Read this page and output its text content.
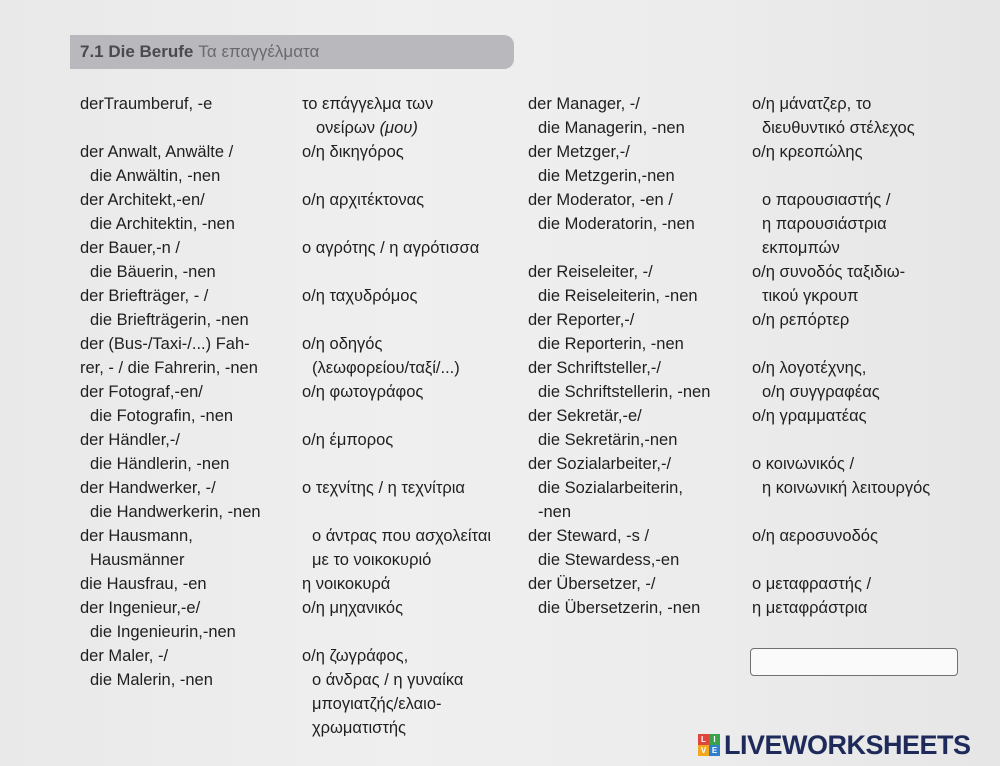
7.1 Die Berufe Τα επαγγέλματα
derTraumberuf, -e
der Anwalt, Anwälte /
die Anwältin, -nen
der Architekt,-en/
die Architektin, -nen
der Bauer,-n /
die Bäuerin, -nen
der Briefträger, - /
die Briefträgerin, -nen
der (Bus-/Taxi-/...) Fah-
rer, - / die Fahrerin, -nen
der Fotograf,-en/
die Fotografin, -nen
der Händler,-/
die Händlerin, -nen
der Handwerker, -/
die Handwerkerin, -nen
der Hausmann,
Hausmänner
die Hausfrau, -en
der Ingenieur,-e/
die Ingenieurin,-nen
der Maler, -/
die Malerin, -nen
το επάγγελμα των
ονείρων (μου)
ο/η δικηγόρος
ο/η αρχιτέκτονας
ο αγρότης / η αγρότισσα
ο/η ταχυδρόμος
ο/η οδηγός
(λεωφορείου/ταξί/...)
ο/η φωτογράφος
ο/η έμπορος
ο τεχνίτης / η τεχνίτρια
ο άντρας που ασχολείται
με το νοικοκυριό
η νοικοκυρά
ο/η μηχανικός
ο/η ζωγράφος,
ο άνδρας / η γυναίκα
μπογιατζής/ελαιο-
χρωματιστής
der Manager, -/
die Managerin, -nen
der Metzger,-/
die Metzgerin,-nen
der Moderator, -en /
die Moderatorin, -nen
der Reiseleiter, -/
die Reiseleiterin, -nen
der Reporter,-/
die Reporterin, -nen
der Schriftsteller,-/
die Schriftstellerin, -nen
der Sekretär,-e/
die Sekretärin,-nen
der Sozialarbeiter,-/
die Sozialarbeiterin,
-nen
der Steward, -s /
die Stewardess,-en
der Übersetzer, -/
die Übersetzerin, -nen
ο/η μάνατζερ, το
διευθυντικό στέλεχος
ο/η κρεοπώλης
ο παρουσιαστής /
η παρουσιάστρια
εκπομπών
ο/η συνοδός ταξιδιω-
τικού γκρουπ
ο/η ρεπόρτερ
ο/η λογοτέχνης,
ο/η συγγραφέας
ο/η γραμματέας
ο κοινωνικός /
η κοινωνική λειτουργός
ο/η αεροσυνοδός
ο μεταφραστής /
η μεταφράστρια
L I
V E LIVEWORKSHEETS
